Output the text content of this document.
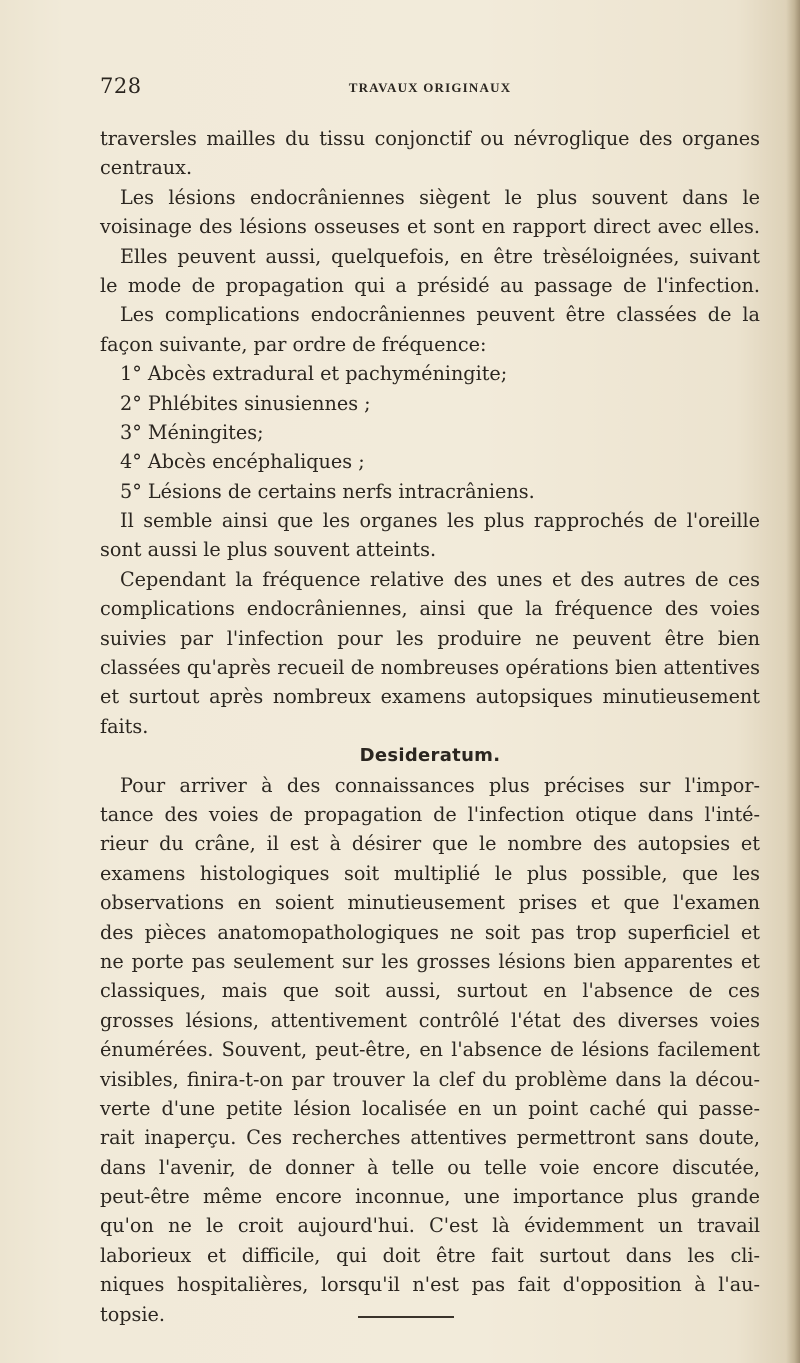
728	TRAVAUX ORIGINAUX
traversles mailles du tissu conjonctif ou névroglique des organes
centraux.
Les lésions endocrâniennes siègent le plus souvent dans le
voisinage des lésions osseuses et sont en rapport direct avec elles.
Elles peuvent aussi, quelquefois, en être trèséloignées, suivant
le mode de propagation qui a présidé au passage de l'infection.
Les complications endocrâniennes peuvent être classées de la
façon suivante, par ordre de fréquence:
1° Abcès extradural et pachyméningite;
2° Phlébites sinusiennes ;
3° Méningites;
4° Abcès encéphaliques ;
5° Lésions de certains nerfs intracrâniens.
Il semble ainsi que les organes les plus rapprochés de l'oreille
sont aussi le plus souvent atteints.
Cependant la fréquence relative des unes et des autres de ces
complications endocrâniennes, ainsi que la fréquence des voies
suivies par l'infection pour les produire ne peuvent être bien
classées qu'après recueil de nombreuses opérations bien attentives
et surtout après nombreux examens autopsiques minutieusement
faits.
Desideratum.
Pour arriver à des connaissances plus précises sur l'impor-
tance des voies de propagation de l'infection otique dans l'inté-
rieur du crâne, il est à désirer que le nombre des autopsies et
examens histologiques soit multiplié le plus possible, que les
observations en soient minutieusement prises et que l'examen
des pièces anatomopathologiques ne soit pas trop superficiel et
ne porte pas seulement sur les grosses lésions bien apparentes et
classiques, mais que soit aussi, surtout en l'absence de ces
grosses lésions, attentivement contrôlé l'état des diverses voies
énumérées. Souvent, peut-être, en l'absence de lésions facilement
visibles, finira-t-on par trouver la clef du problème dans la décou-
verte d'une petite lésion localisée en un point caché qui passe-
rait inaperçu. Ces recherches attentives permettront sans doute,
dans l'avenir, de donner à telle ou telle voie encore discutée,
peut-être même encore inconnue, une importance plus grande
qu'on ne le croit aujourd'hui. C'est là évidemment un travail
laborieux et difficile, qui doit être fait surtout dans les cli-
niques hospitalières, lorsqu'il n'est pas fait d'opposition à l'au-
topsie.
